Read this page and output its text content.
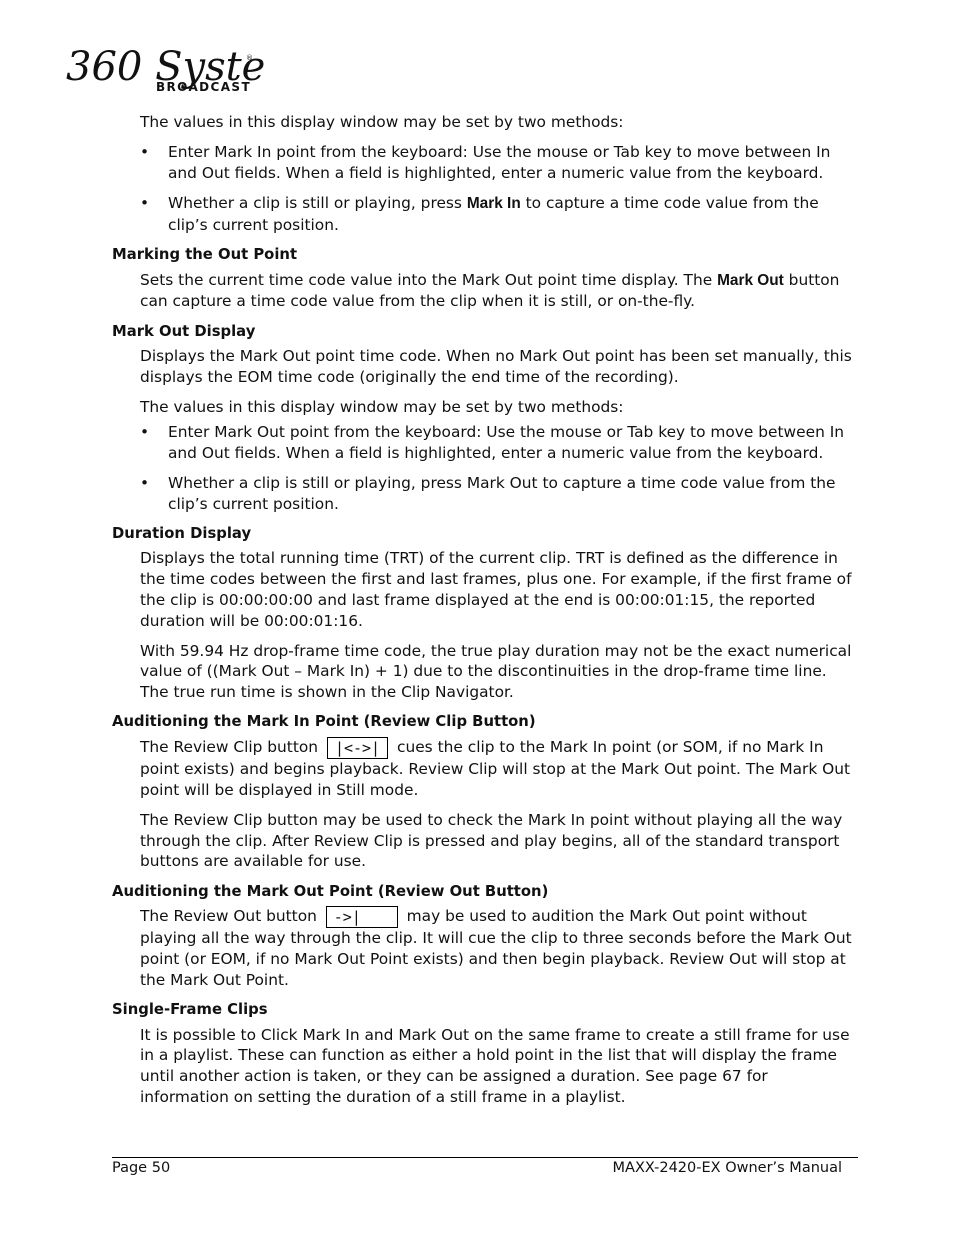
360 Syste
®
BROADCAST

The values in this display window may be set by two methods:

• Enter Mark In point from the keyboard: Use the mouse or Tab key to move between In and Out fields. When a field is highlighted, enter a numeric value from the keyboard.
• Whether a clip is still or playing, press Mark In to capture a time code value from the clip’s current position.
Marking the Out Point

Sets the current time code value into the Mark Out point time display. The Mark Out button can capture a time code value from the clip when it is still, or on-the-fly.

Mark Out Display

Displays the Mark Out point time code. When no Mark Out point has been set manually, this displays the EOM time code (originally the end time of the recording).

The values in this display window may be set by two methods:

• Enter Mark Out point from the keyboard: Use the mouse or Tab key to move between In and Out fields. When a field is highlighted, enter a numeric value from the keyboard.
• Whether a clip is still or playing, press Mark Out to capture a time code value from the clip’s current position.
Duration Display

Displays the total running time (TRT) of the current clip. TRT is defined as the difference in the time codes between the first and last frames, plus one. For example, if the first frame of the clip is 00:00:00:00 and last frame displayed at the end is 00:00:01:15, the reported duration will be 00:00:01:16.

With 59.94 Hz drop-frame time code, the true play duration may not be the exact numerical value of ((Mark Out – Mark In) + 1) due to the discontinuities in the drop-frame time line. The true run time is shown in the Clip Navigator.

Auditioning the Mark In Point (Review Clip Button)

The Review Clip button |<->| cues the clip to the Mark In point (or SOM, if no Mark In point exists) and begins playback. Review Clip will stop at the Mark Out point. The Mark Out point will be displayed in Still mode.

The Review Clip button may be used to check the Mark In point without playing all the way through the clip. After Review Clip is pressed and play begins, all of the standard transport buttons are available for use.

Auditioning the Mark Out Point (Review Out Button)

The Review Out button ->|	may be used to audition the Mark Out point without playing all the way through the clip. It will cue the clip to three seconds before the Mark Out point (or EOM, if no Mark Out Point exists) and then begin playback. Review Out will stop at the Mark Out Point.

Single-Frame Clips

It is possible to Click Mark In and Mark Out on the same frame to create a still frame for use in a playlist. These can function as either a hold point in the list that will display the frame until another action is taken, or they can be assigned a duration. See page 67 for information on setting the duration of a still frame in a playlist.

Page 50	MAXX-2420-EX Owner’s Manual
